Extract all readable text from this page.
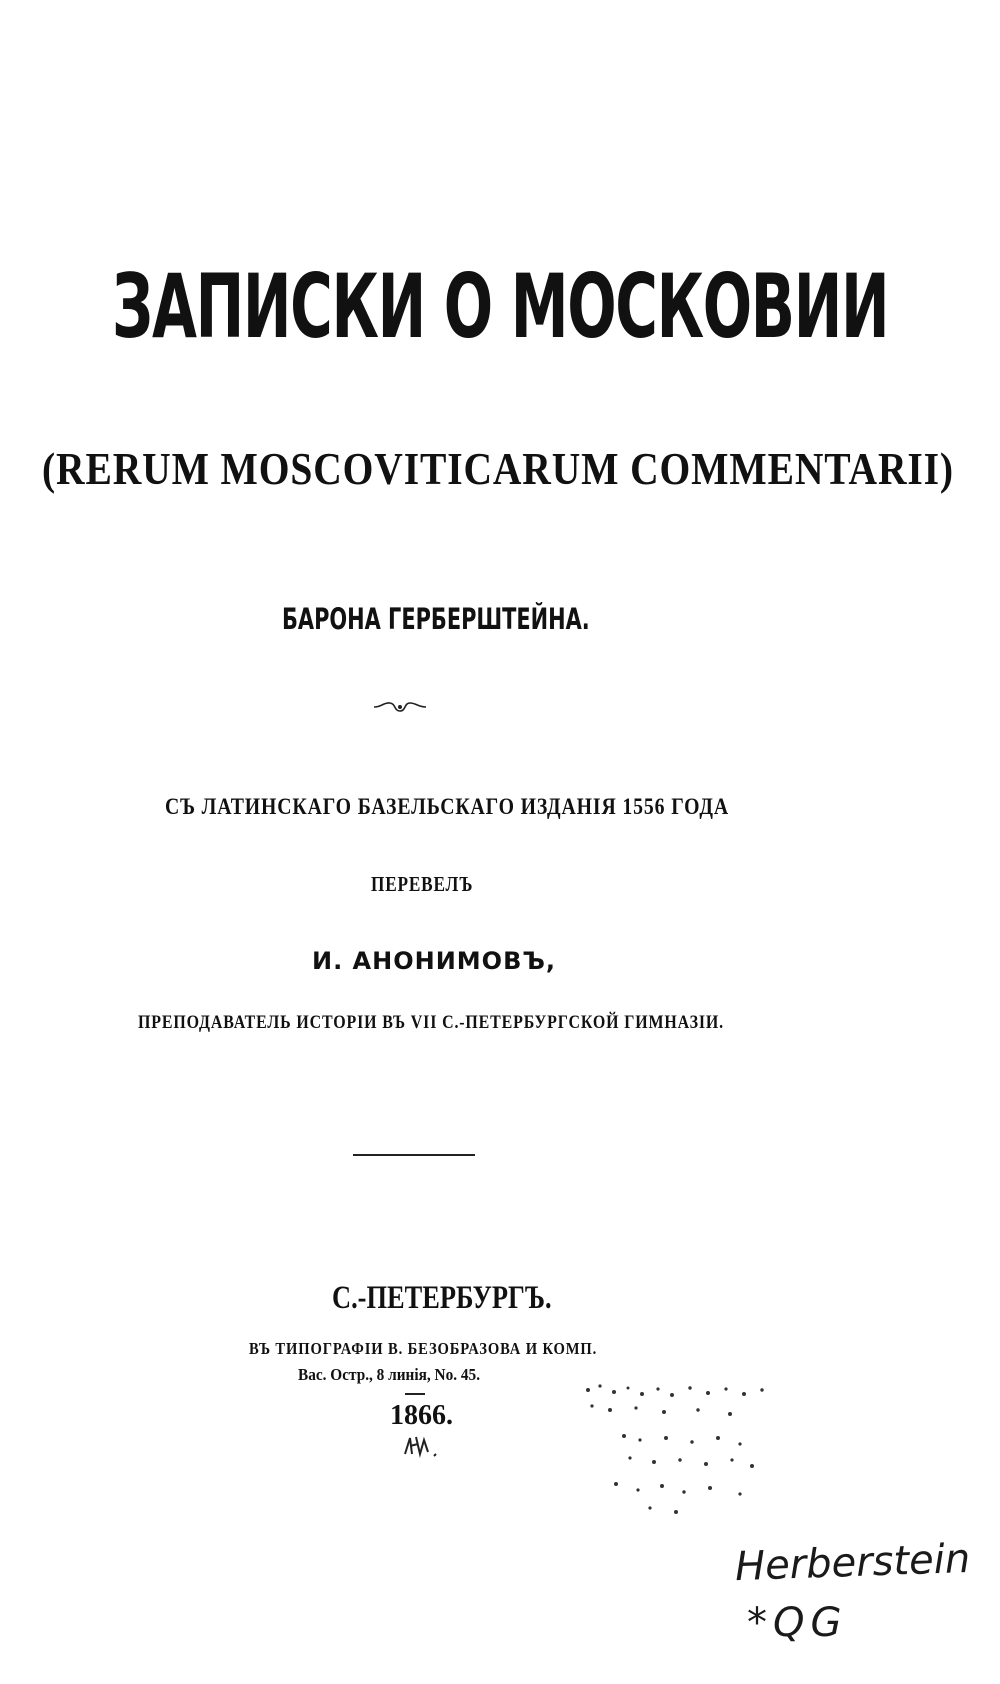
ЗАПИСКИ О МОСКОВИИ
(RERUM MOSCOVITICARUM COMMENTARII)
БАРОНА ГЕРБЕРШТЕЙНА.
СЪ ЛАТИНСКАГО БАЗЕЛЬСКАГО ИЗДАНІЯ 1556 ГОДА
ПЕРЕВЕЛЪ
И. АНОНИМОВЪ,
ПРЕПОДАВАТЕЛЬ ИСТОРІИ ВЪ VII С.-ПЕТЕРБУРГСКОЙ ГИМНАЗІИ.
С.-ПЕТЕРБУРГЪ.
ВЪ ТИПОГРАФІИ В. БЕЗОБРАЗОВА И КОМП.
Вас. Остр., 8 линія, No. 45.
1866.
Herberstein
*QG
